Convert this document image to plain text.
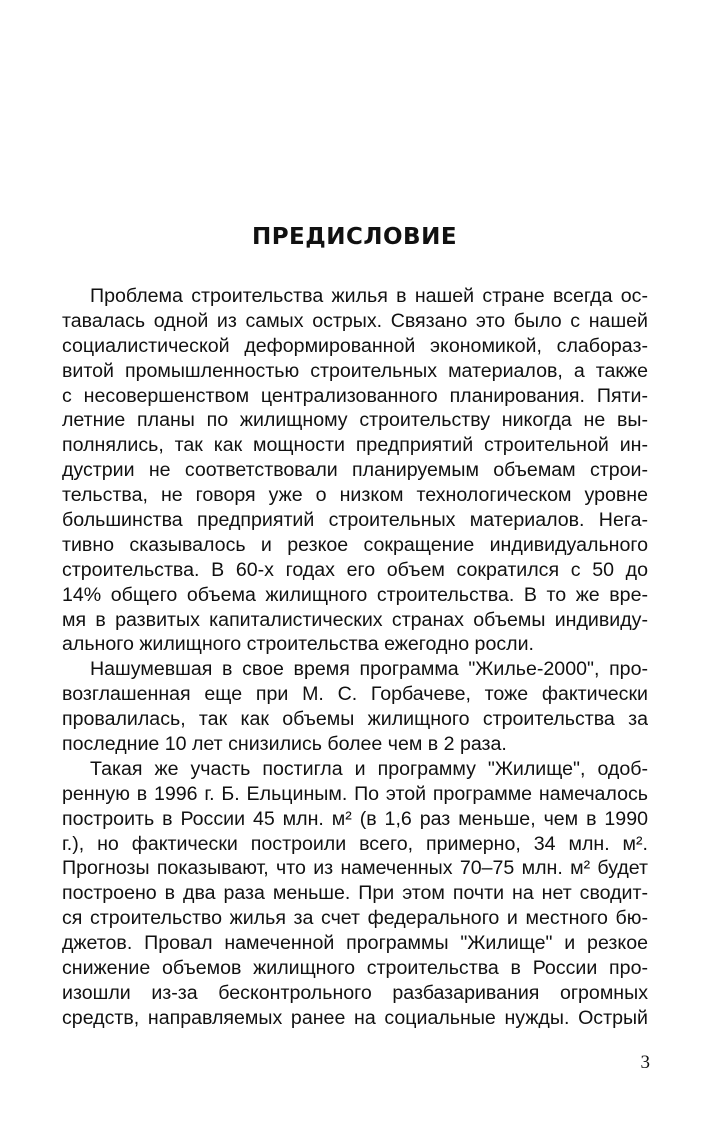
ПРЕДИСЛОВИЕ
Проблема строительства жилья в нашей стране всегда ос-
тавалась одной из самых острых. Связано это было с нашей
социалистической деформированной экономикой, слабораз-
витой промышленностью строительных материалов, а также
с несовершенством централизованного планирования. Пяти-
летние планы по жилищному строительству никогда не вы-
полнялись, так как мощности предприятий строительной ин-
дустрии не соответствовали планируемым объемам строи-
тельства, не говоря уже о низком технологическом уровне
большинства предприятий строительных материалов. Нега-
тивно сказывалось и резкое сокращение индивидуального
строительства. В 60-х годах его объем сократился с 50 до
14% общего объема жилищного строительства. В то же вре-
мя в развитых капиталистических странах объемы индивиду-
ального жилищного строительства ежегодно росли.
Нашумевшая в свое время программа "Жилье-2000", про-
возглашенная еще при М. С. Горбачеве, тоже фактически
провалилась, так как объемы жилищного строительства за
последние 10 лет снизились более чем в 2 раза.
Такая же участь постигла и программу "Жилище", одоб-
ренную в 1996 г. Б. Ельциным. По этой программе намечалось
построить в России 45 млн. м² (в 1,6 раз меньше, чем в 1990
г.), но фактически построили всего, примерно, 34 млн. м².
Прогнозы показывают, что из намеченных 70–75 млн. м² будет
построено в два раза меньше. При этом почти на нет сводит-
ся строительство жилья за счет федерального и местного бю-
джетов. Провал намеченной программы "Жилище" и резкое
снижение объемов жилищного строительства в России про-
изошли из-за бесконтрольного разбазаривания огромных
средств, направляемых ранее на социальные нужды. Острый
3
